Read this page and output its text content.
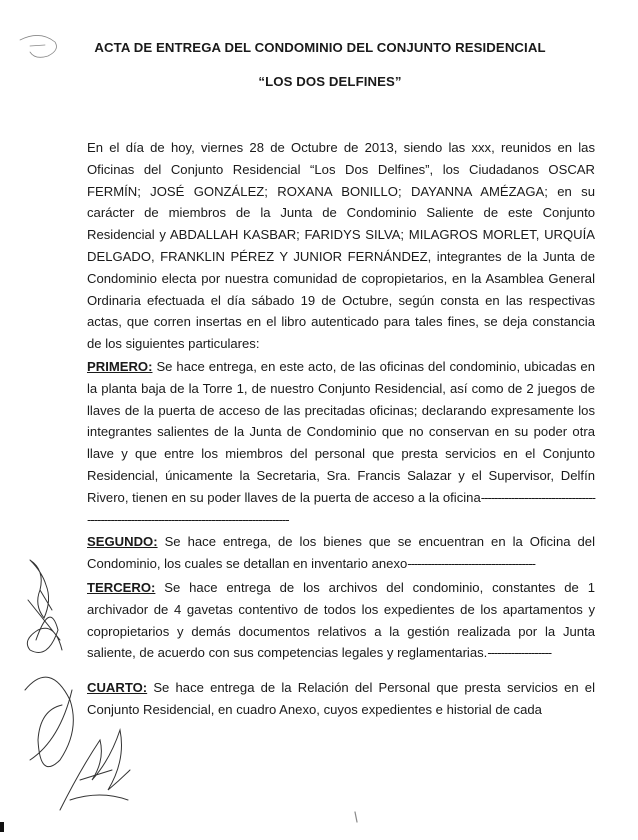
ACTA DE ENTREGA DEL CONDOMINIO DEL CONJUNTO RESIDENCIAL
“LOS DOS DELFINES”
En el día de hoy, viernes 28 de Octubre de 2013, siendo las xxx, reunidos en las Oficinas del Conjunto Residencial “Los Dos Delfines”, los Ciudadanos OSCAR FERMÍN; JOSÉ GONZÁLEZ; ROXANA BONILLO; DAYANNA AMÉZAGA; en su carácter de miembros de la Junta de Condominio Saliente de este Conjunto Residencial y ABDALLAH KASBAR; FARIDYS SILVA; MILAGROS MORLET, URQUÍA DELGADO, FRANKLIN PÉREZ Y JUNIOR FERNÁNDEZ, integrantes de la Junta de Condominio electa por nuestra comunidad de copropietarios, en la Asamblea General Ordinaria efectuada el día sábado 19 de Octubre, según consta en las respectivas actas, que corren insertas en el libro autenticado para tales fines, se deja constancia de los siguientes particulares:
PRIMERO: Se hace entrega, en este acto, de las oficinas del condominio, ubicadas en la planta baja de la Torre 1, de nuestro Conjunto Residencial, así como de 2 juegos de llaves de la puerta de acceso de las precitadas oficinas; declarando expresamente los integrantes salientes de la Junta de Condominio que no conservan en su poder otra llave y que entre los miembros del personal que presta servicios en el Conjunto Residencial, únicamente la Secretaria, Sra. Francis Salazar y el Supervisor, Delfín Rivero, tienen en su poder llaves de la puerta de acceso a la oficina----------------------------------------------------------------------------------------------
SEGUNDO: Se hace entrega, de los bienes que se encuentran en la Oficina del Condominio, los cuales se detallan en inventario anexo--------------------------------------
TERCERO: Se hace entrega de los archivos del condominio, constantes de 1 archivador de 4 gavetas contentivo de todos los expedientes de los apartamentos y copropietarios y demás documentos relativos a la gestión realizada por la Junta saliente, de acuerdo con sus competencias legales y reglamentarias.-------------------
CUARTO: Se hace entrega de la Relación del Personal que presta servicios en el Conjunto Residencial, en cuadro Anexo, cuyos expedientes e historial de cada
